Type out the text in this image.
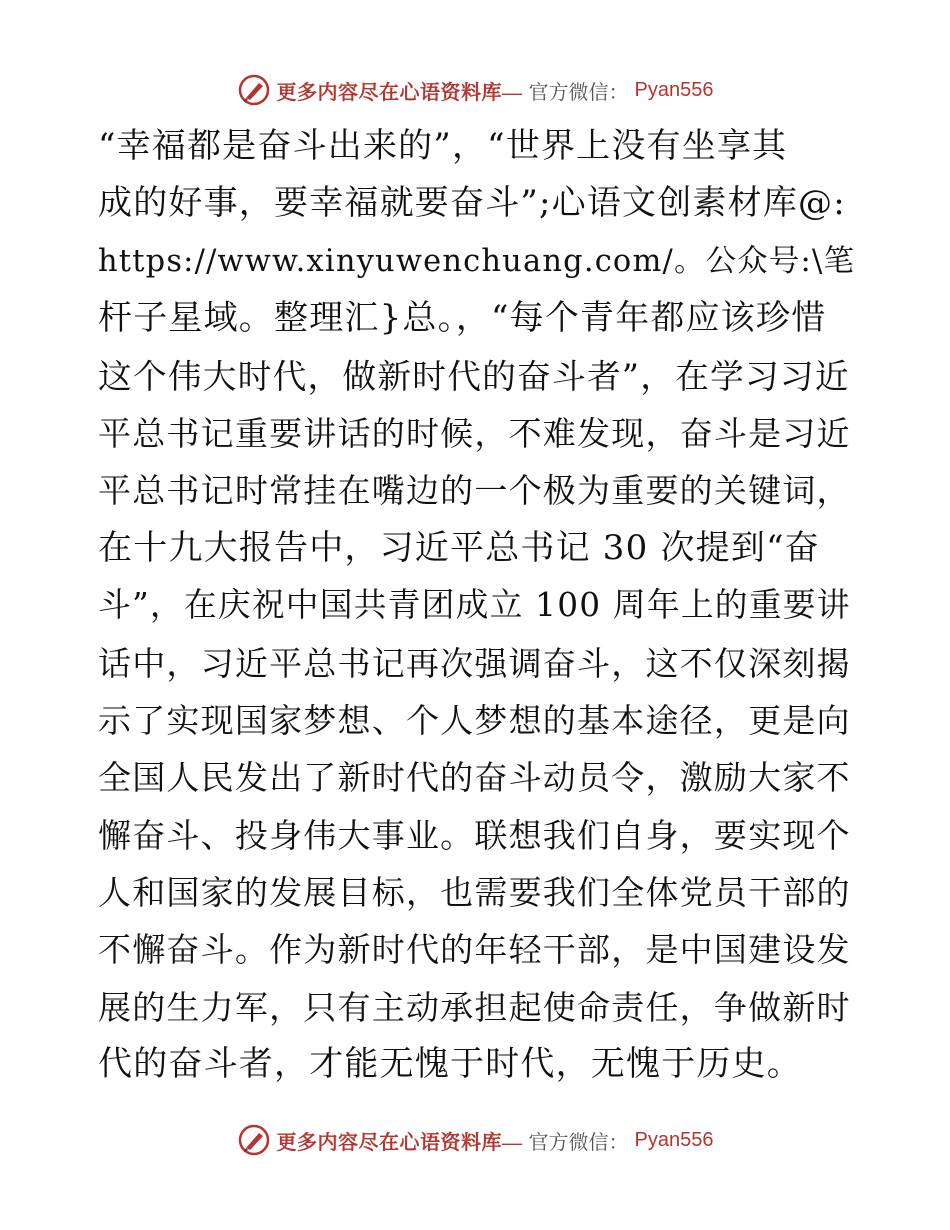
更多内容尽在心语资料库— 官方微信： Pyan556
“幸福都是奋斗出来的”，“世界上没有坐享其
成的好事，要幸福就要奋斗”;心语文创素材库@:
https://www.xinyuwenchuang.com/。公众号:\笔
杆子星域。整理汇}总。，“每个青年都应该珍惜
这个伟大时代，做新时代的奋斗者”，在学习习近
平总书记重要讲话的时候，不难发现，奋斗是习近
平总书记时常挂在嘴边的一个极为重要的关键词，
在十九大报告中，习近平总书记 30 次提到“奋
斗”，在庆祝中国共青团成立 100 周年上的重要讲
话中，习近平总书记再次强调奋斗，这不仅深刻揭
示了实现国家梦想、个人梦想的基本途径，更是向
全国人民发出了新时代的奋斗动员令，激励大家不
懈奋斗、投身伟大事业。联想我们自身，要实现个
人和国家的发展目标，也需要我们全体党员干部的
不懈奋斗。作为新时代的年轻干部，是中国建设发
展的生力军，只有主动承担起使命责任，争做新时
代的奋斗者，才能无愧于时代，无愧于历史。
更多内容尽在心语资料库— 官方微信： Pyan556
